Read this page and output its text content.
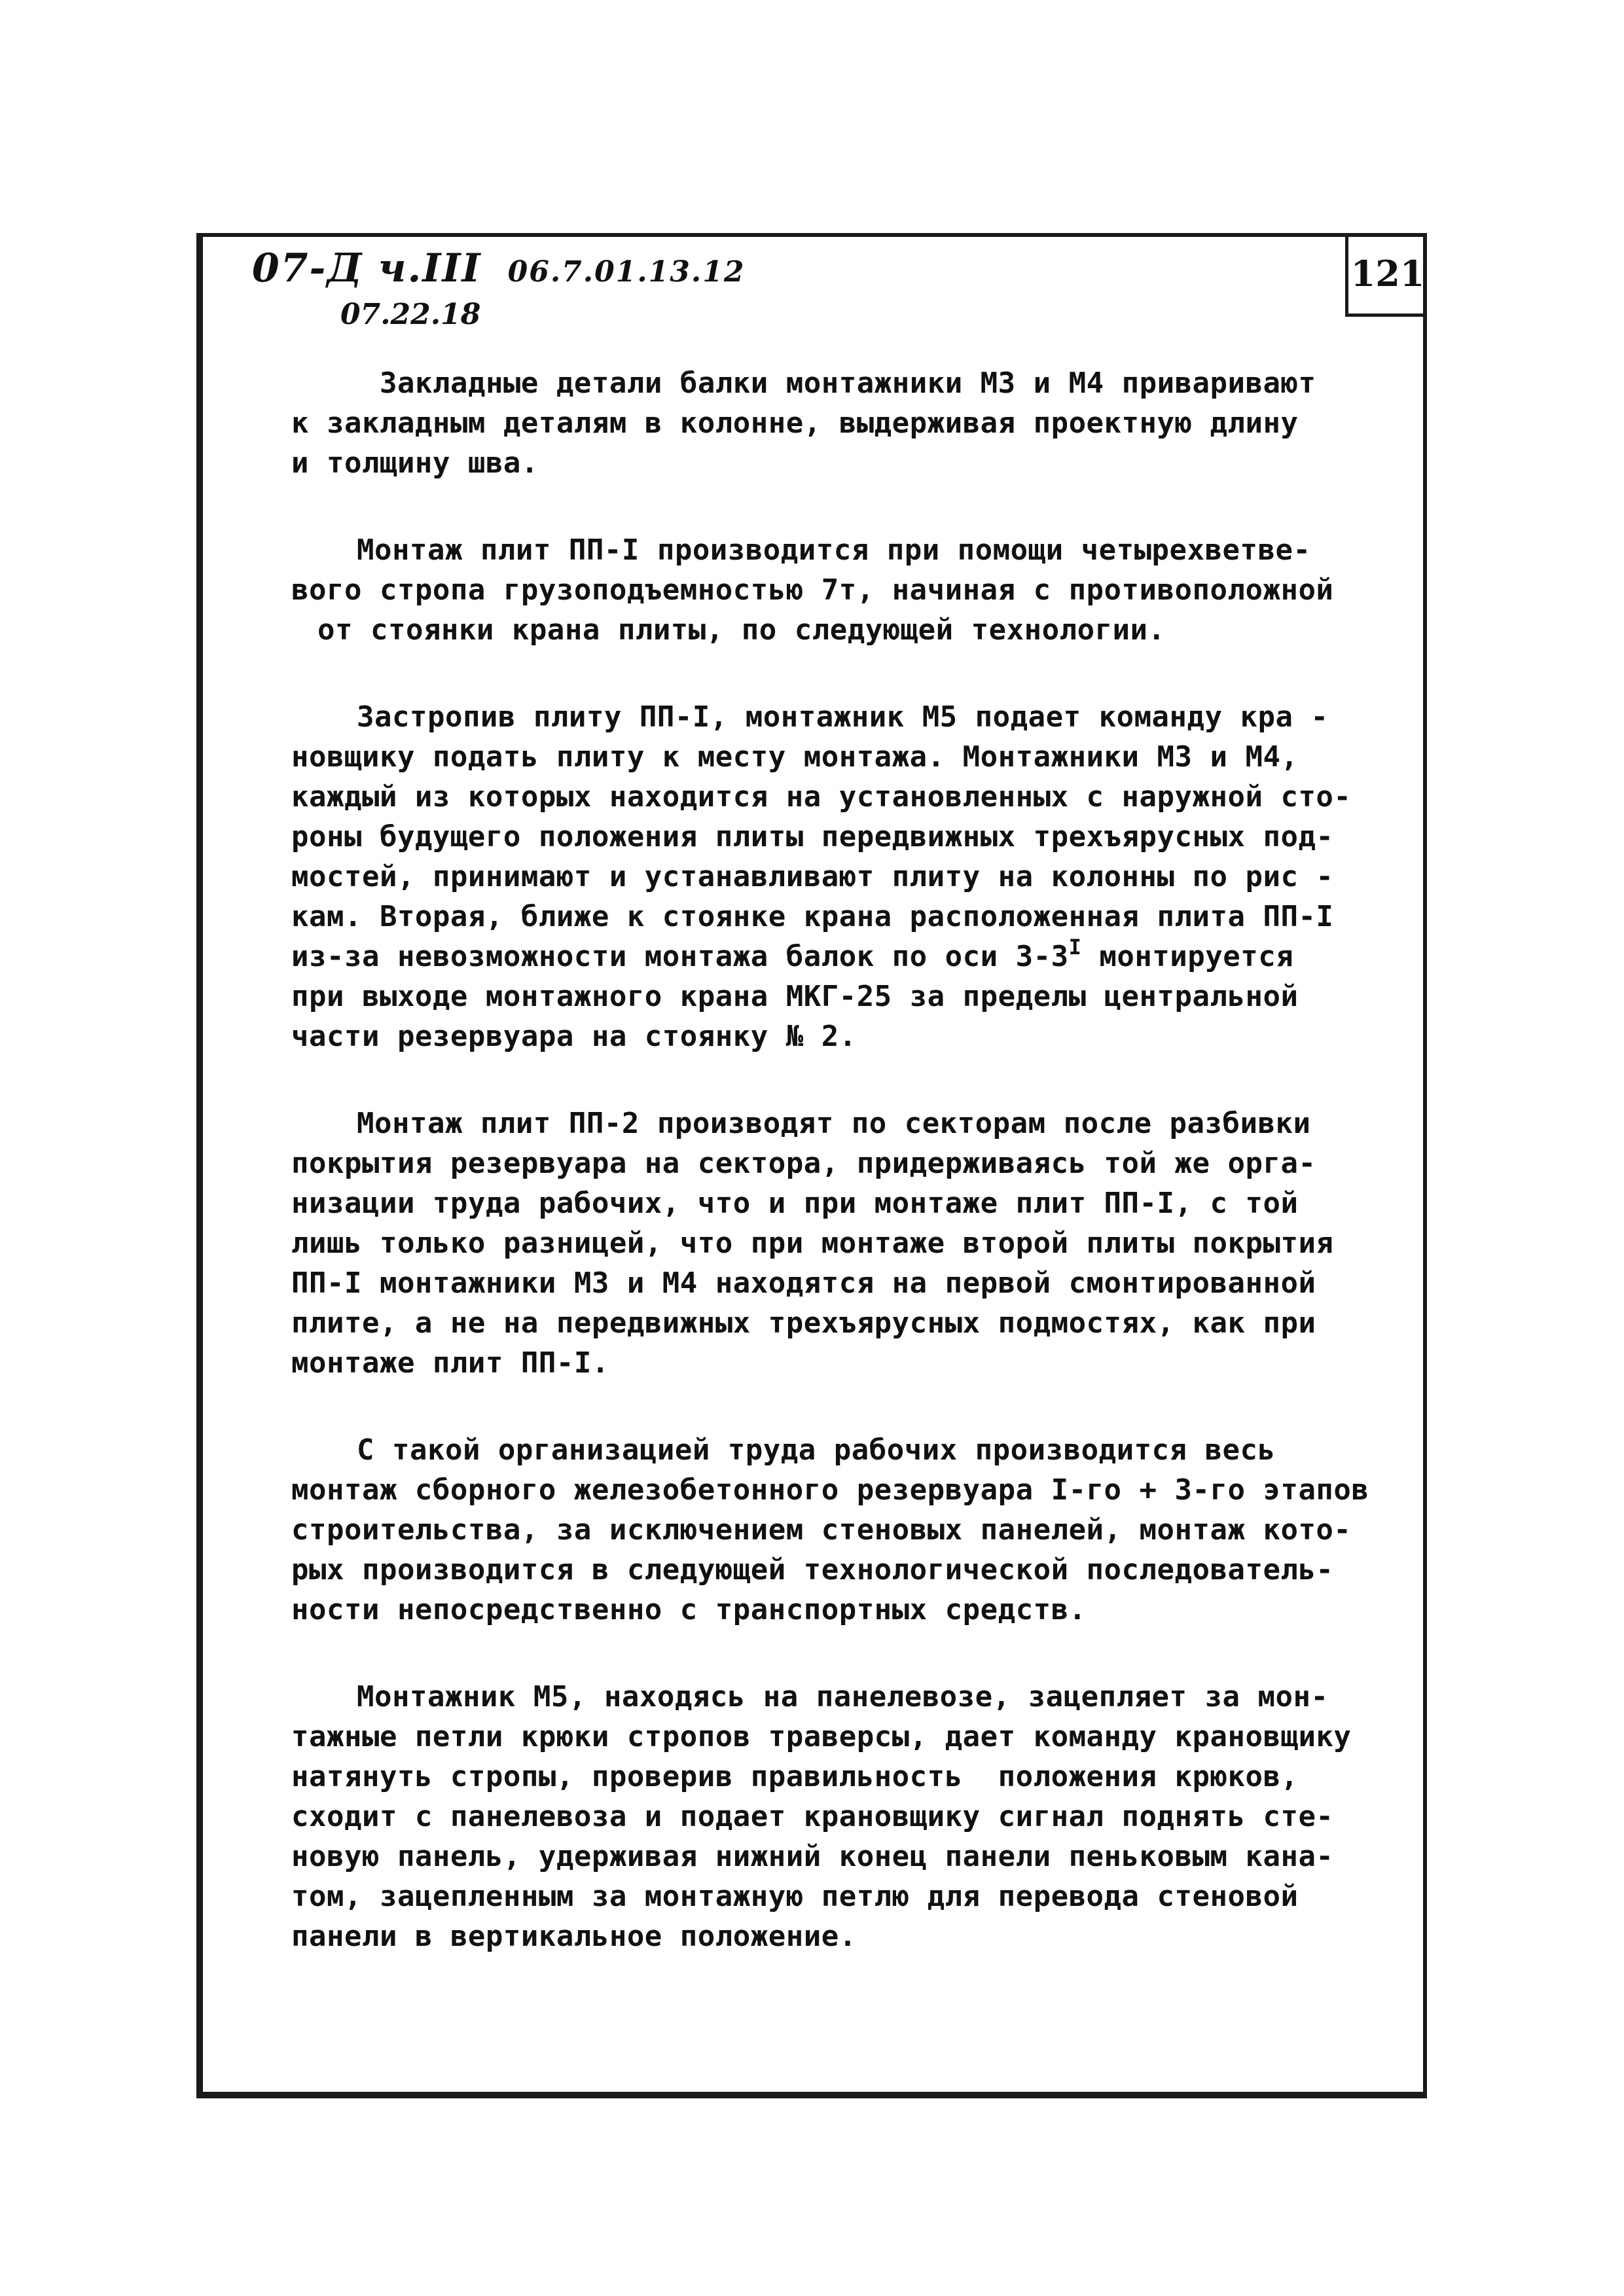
07-Д ч.III 06.7.01.13.12
07.22.18
121
Закладные детали балки монтажники М3 и М4 приваривают
к закладным деталям в колонне, выдерживая проектную длину
и толщину шва.
Монтаж плит ПП-I производится при помощи четырехветве-
вого стропа грузоподъемностью 7т, начиная с противоположной
от стоянки крана плиты, по следующей технологии.
Застропив плиту ПП-I, монтажник М5 подает команду кра -
новщику подать плиту к месту монтажа. Монтажники М3 и М4,
каждый из которых находится на установленных с наружной сто-
роны будущего положения плиты передвижных трехъярусных под-
мостей, принимают и устанавливают плиту на колонны по рис -
кам. Вторая, ближе к стоянке крана расположенная плита ПП-I
из-за невозможности монтажа балок по оси $3-3^I$ монтируется
при выходе монтажного крана МКГ-25 за пределы центральной
части резервуара на стоянку № 2.
Монтаж плит ПП-2 производят по секторам после разбивки
покрытия резервуара на сектора, придерживаясь той же орга-
низации труда рабочих, что и при монтаже плит ПП-I, с той
лишь только разницей, что при монтаже второй плиты покрытия
ПП-I монтажники М3 и М4 находятся на первой смонтированной
плите, а не на передвижных трехъярусных подмостях, как при
монтаже плит ПП-I.
С такой организацией труда рабочих производится весь
монтаж сборного железобетонного резервуара I-го + 3-го этапов
строительства, за исключением стеновых панелей, монтаж кото-
рых производится в следующей технологической последователь-
ности непосредственно с транспортных средств.
Монтажник М5, находясь на панелевозе, зацепляет за мон-
тажные петли крюки стропов траверсы, дает команду крановщику
натянуть стропы, проверив правильность  положения крюков,
сходит с панелевоза и подает крановщику сигнал поднять сте-
новую панель, удерживая нижний конец панели пеньковым кана-
том, зацепленным за монтажную петлю для перевода стеновой
панели в вертикальное положение.
